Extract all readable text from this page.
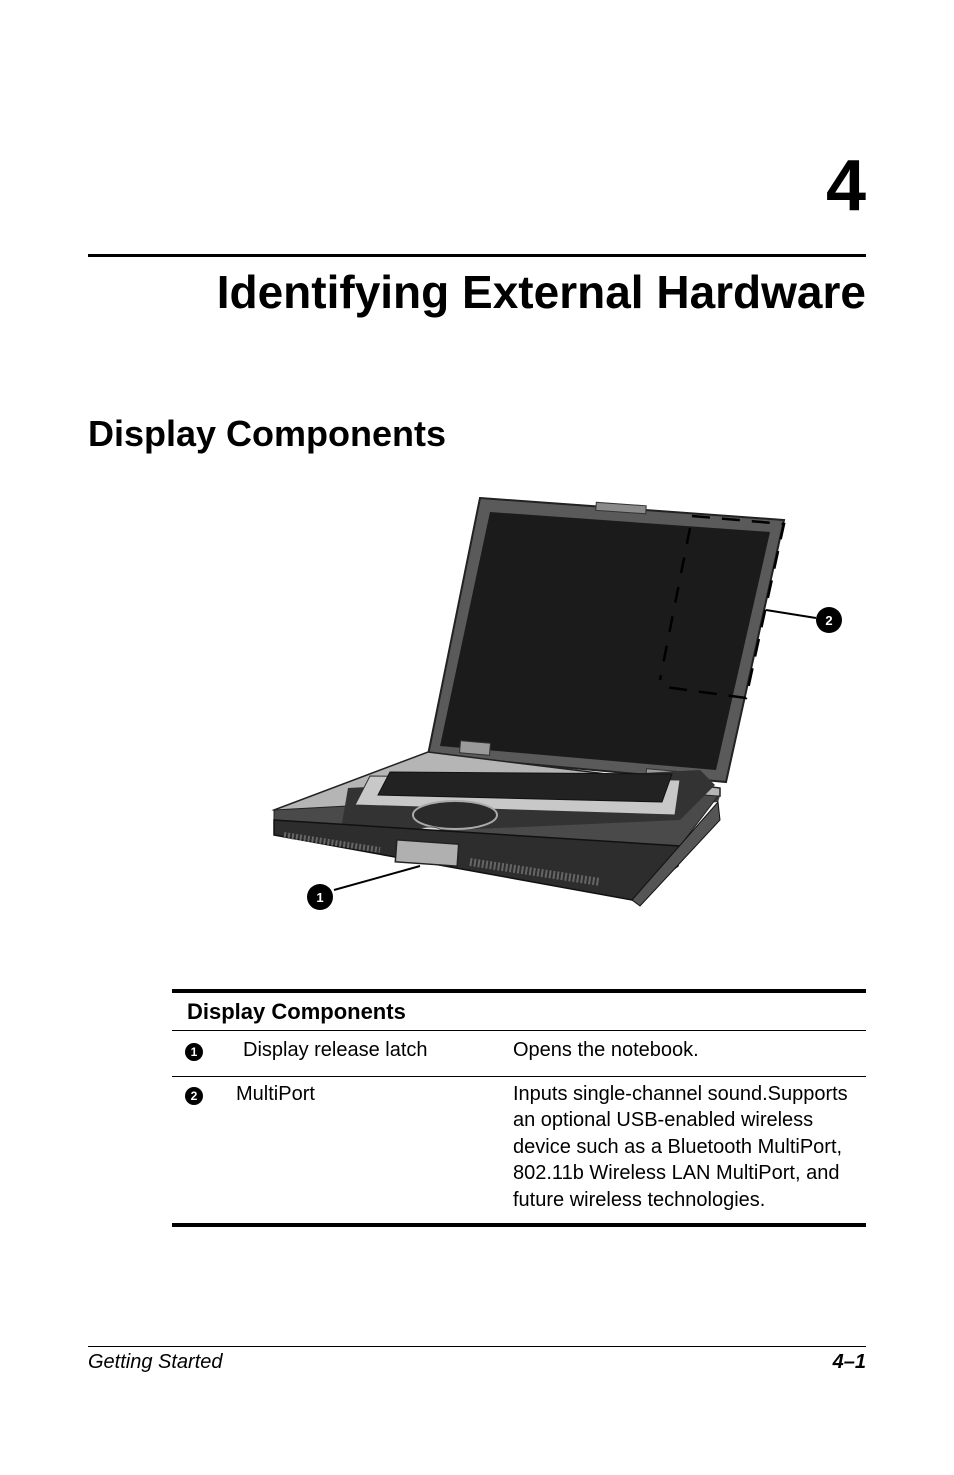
4
Identifying External Hardware
Display Components
2
1
Display Components
1	Display release latch	Opens the notebook.
2	MultiPort	Inputs single-channel sound.Supports an optional USB-enabled wireless device such as a Bluetooth MultiPort, 802.11b Wireless LAN MultiPort, and future wireless technologies.
Getting Started	4–1
